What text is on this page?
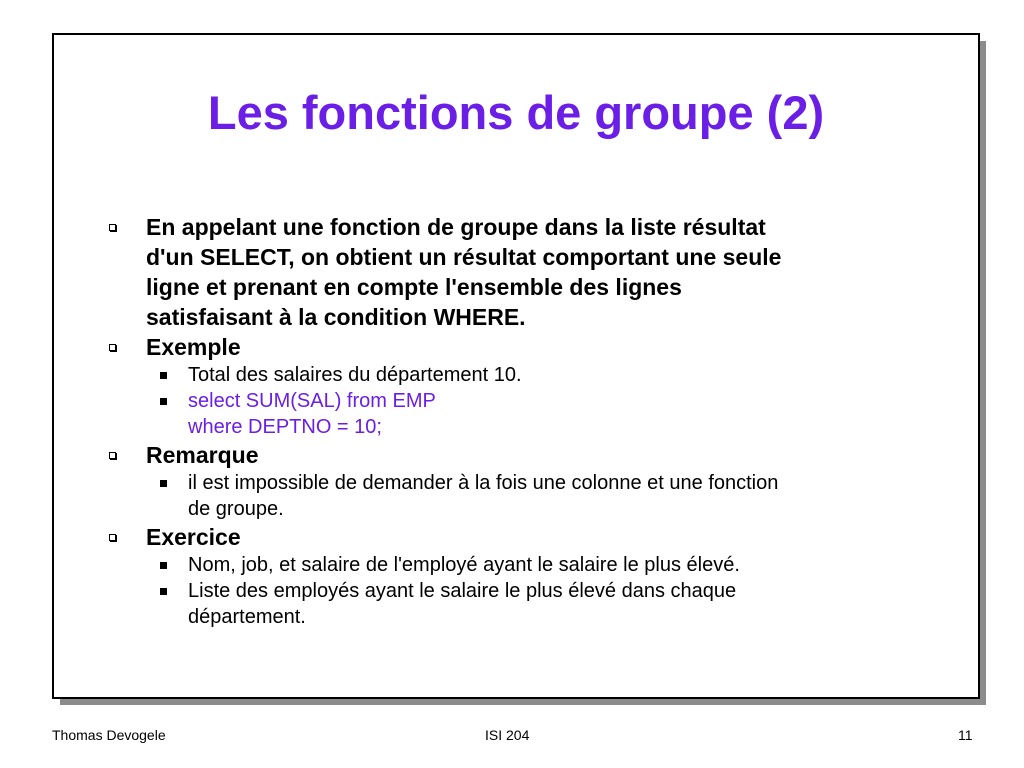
Les fonctions de groupe (2)
En appelant une fonction de groupe dans la liste résultat
d'un SELECT, on obtient un résultat comportant une seule
ligne et prenant en compte l'ensemble des lignes
satisfaisant à la condition WHERE.
Exemple
Total des salaires du département 10.
select SUM(SAL) from EMP
where DEPTNO = 10;
Remarque
il est impossible de demander à la fois une colonne et une fonction
de groupe.
Exercice
Nom, job, et salaire de l'employé ayant le salaire le plus élevé.
Liste des employés ayant le salaire le plus élevé dans chaque
département.
Thomas Devogele	ISI 204	11
